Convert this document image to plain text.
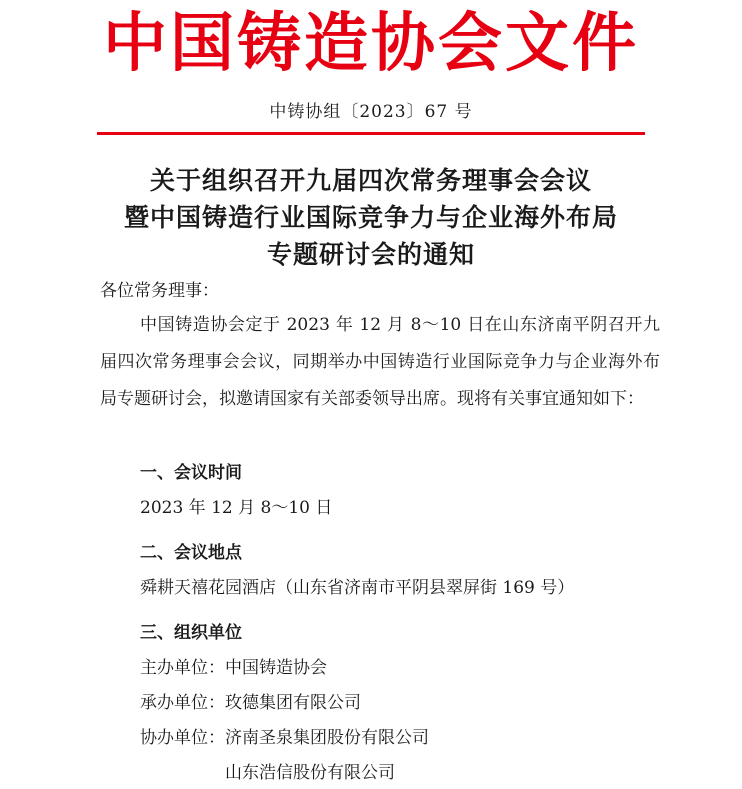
中国铸造协会文件
中铸协组〔2023〕67 号
关于组织召开九届四次常务理事会会议
暨中国铸造行业国际竞争力与企业海外布局
专题研讨会的通知
各位常务理事：
中国铸造协会定于 2023 年 12 月 8～10 日在山东济南平阴召开九届四次常务理事会会议，同期举办中国铸造行业国际竞争力与企业海外布局专题研讨会，拟邀请国家有关部委领导出席。现将有关事宜通知如下：
一、会议时间
2023 年 12 月 8～10 日
二、会议地点
舜耕天禧花园酒店（山东省济南市平阴县翠屏街 169 号）
三、组织单位
主办单位：中国铸造协会
承办单位：玫德集团有限公司
协办单位：济南圣泉集团股份有限公司
山东浩信股份有限公司
